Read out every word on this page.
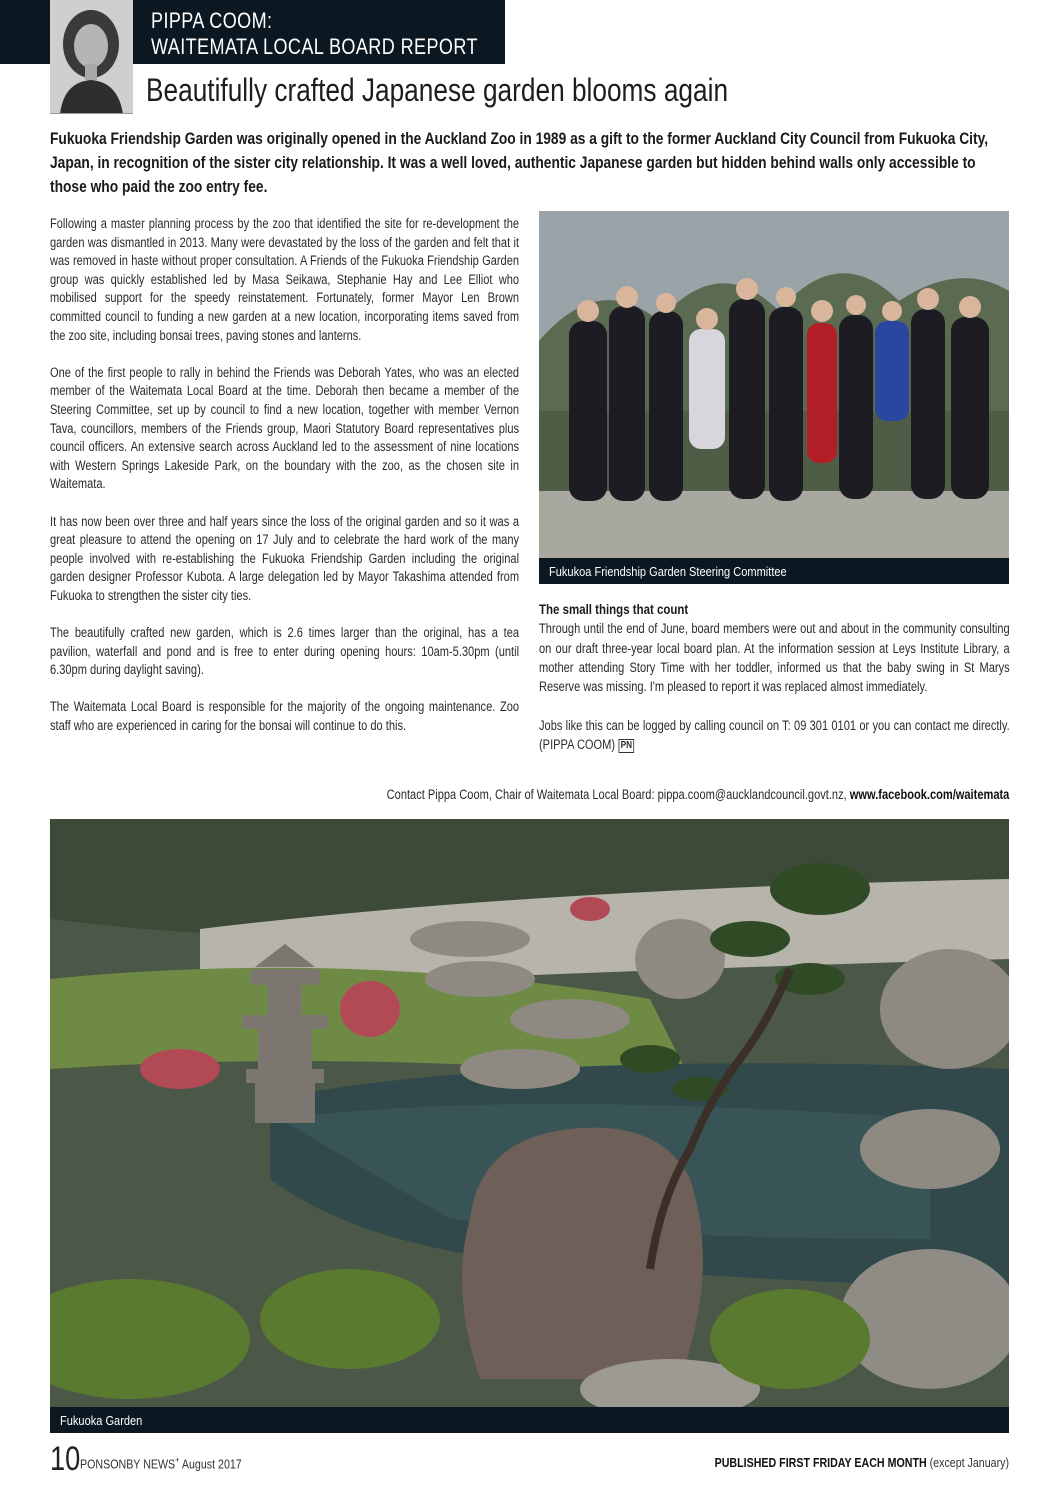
PIPPA COOM:
WAITEMATA LOCAL BOARD REPORT
Beautifully crafted Japanese garden blooms again
Fukuoka Friendship Garden was originally opened in the Auckland Zoo in 1989 as a gift to the former Auckland City Council from Fukuoka City, Japan, in recognition of the sister city relationship. It was a well loved, authentic Japanese garden but hidden behind walls only accessible to those who paid the zoo entry fee.

Following a master planning process by the zoo that identified the site for re-development the garden was dismantled in 2013. Many were devastated by the loss of the garden and felt that it was removed in haste without proper consultation. A Friends of the Fukuoka Friendship Garden group was quickly established led by Masa Seikawa, Stephanie Hay and Lee Elliot who mobilised support for the speedy reinstatement. Fortunately, former Mayor Len Brown committed council to funding a new garden at a new location, incorporating items saved from the zoo site, including bonsai trees, paving stones and lanterns.

One of the first people to rally in behind the Friends was Deborah Yates, who was an elected member of the Waitemata Local Board at the time. Deborah then became a member of the Steering Committee, set up by council to find a new location, together with member Vernon Tava, councillors, members of the Friends group, Maori Statutory Board representatives plus council officers. An extensive search across Auckland led to the assessment of nine locations with Western Springs Lakeside Park, on the boundary with the zoo, as the chosen site in Waitemata.

It has now been over three and half years since the loss of the original garden and so it was a great pleasure to attend the opening on 17 July and to celebrate the hard work of the many people involved with re-establishing the Fukuoka Friendship Garden including the original garden designer Professor Kubota. A large delegation led by Mayor Takashima attended from Fukuoka to strengthen the sister city ties.

The beautifully crafted new garden, which is 2.6 times larger than the original, has a tea pavilion, waterfall and pond and is free to enter during opening hours: 10am-5.30pm (until 6.30pm during daylight saving).

The Waitemata Local Board is responsible for the majority of the ongoing maintenance. Zoo staff who are experienced in caring for the bonsai will continue to do this.

Fukukoa Friendship Garden Steering Committee
The small things that count

Through until the end of June, board members were out and about in the community consulting on our draft three-year local board plan. At the information session at Leys Institute Library, a mother attending Story Time with her toddler, informed us that the baby swing in St Marys Reserve was missing. I'm pleased to report it was replaced almost immediately.

Jobs like this can be logged by calling council on T: 09 301 0101 or you can contact me directly. (PIPPA COOM) PN

Contact Pippa Coom, Chair of Waitemata Local Board: pippa.coom@aucklandcouncil.govt.nz, www.facebook.com/waitemata
Fukuoka Garden
10 PONSONBY NEWS+ August 2017	PUBLISHED FIRST FRIDAY EACH MONTH (except January)
